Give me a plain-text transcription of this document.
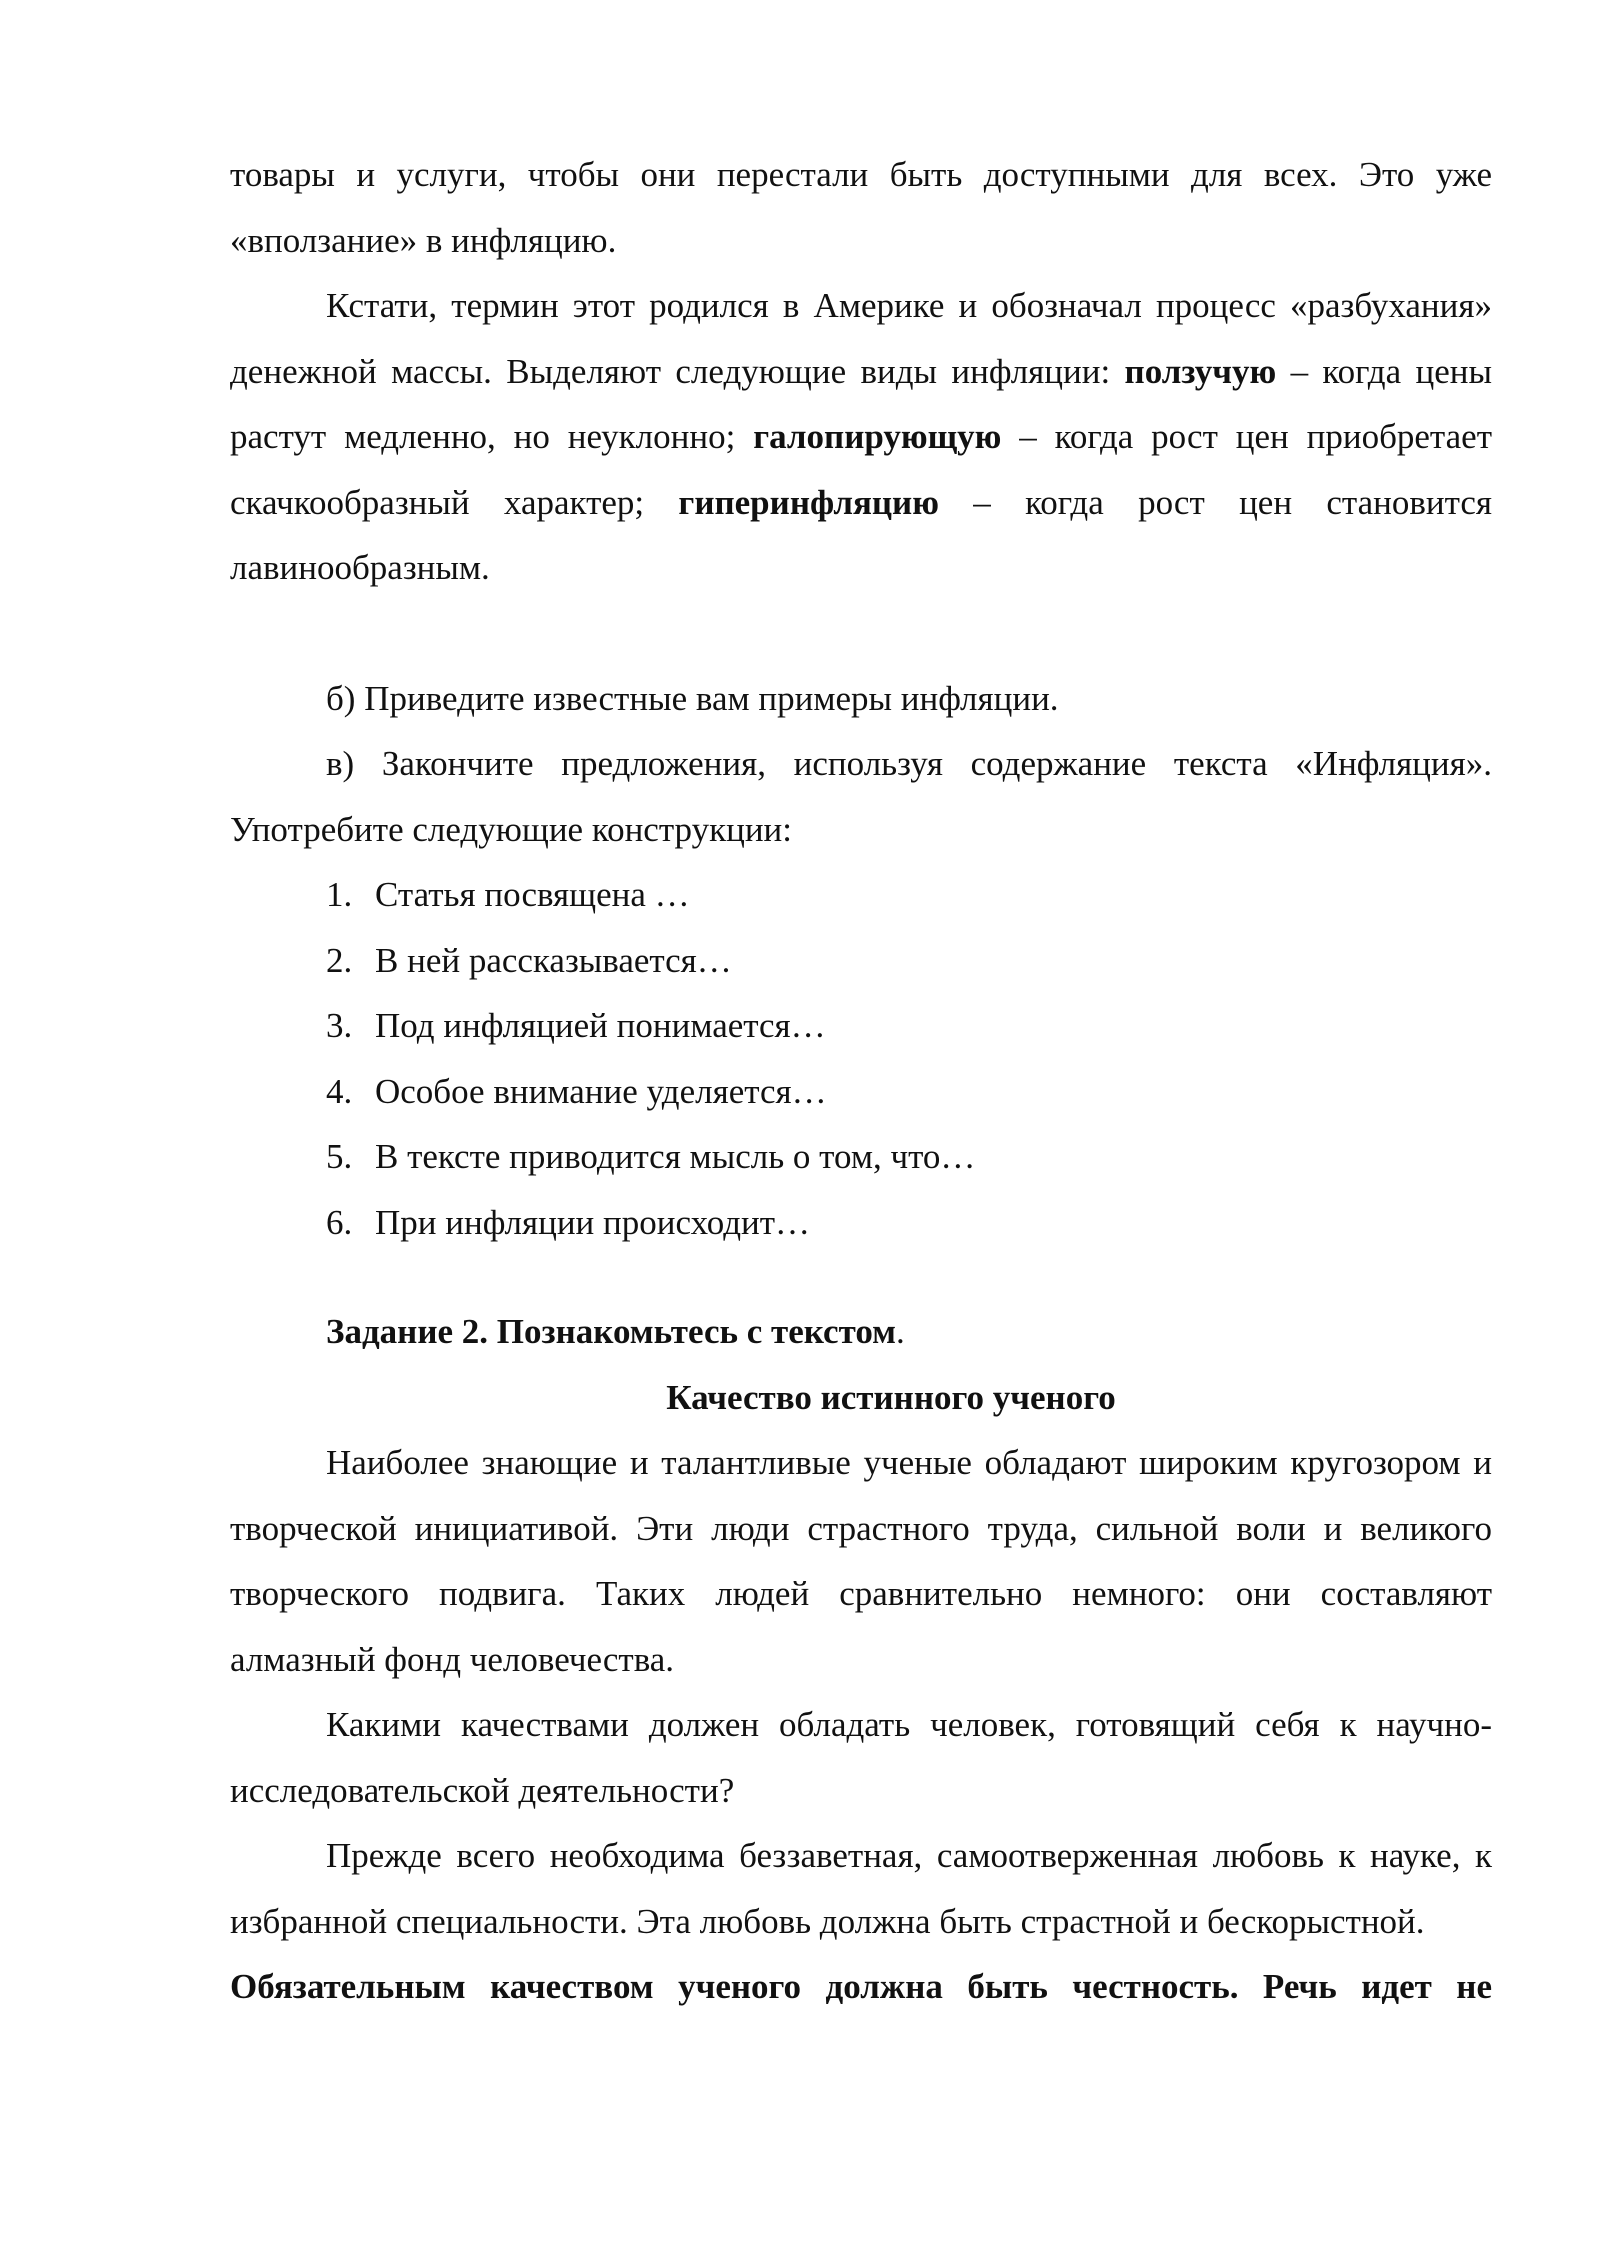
товары и услуги, чтобы они перестали быть доступными для всех. Это уже «вползание» в инфляцию.

Кстати, термин этот родился в Америке и обозначал процесс «разбухания» денежной массы. Выделяют следующие виды инфляции: ползучую – когда цены растут медленно, но неуклонно; галопирующую – когда рост цен приобретает скачкообразный характер; гиперинфляцию – когда рост цен становится лавинообразным.

б) Приведите известные вам примеры инфляции.

в) Закончите предложения, используя содержание текста «Инфляция». Употребите следующие конструкции:

1. Статья посвящена …
2. В ней рассказывается…
3. Под инфляцией понимается…
4. Особое внимание уделяется…
5. В тексте приводится мысль о том, что…
6. При инфляции происходит…

Задание 2. Познакомьтесь с текстом.

Качество истинного ученого

Наиболее знающие и талантливые ученые обладают широким кругозором и творческой инициативой. Эти люди страстного труда, сильной воли и великого творческого подвига. Таких людей сравнительно немного: они составляют алмазный фонд человечества.

Какими качествами должен обладать человек, готовящий себя к научно-исследовательской деятельности?

Прежде всего необходима беззаветная, самоотверженная любовь к науке, к избранной специальности. Эта любовь должна быть страстной и бескорыстной.

Обязательным качеством ученого должна быть честность. Речь идет не
